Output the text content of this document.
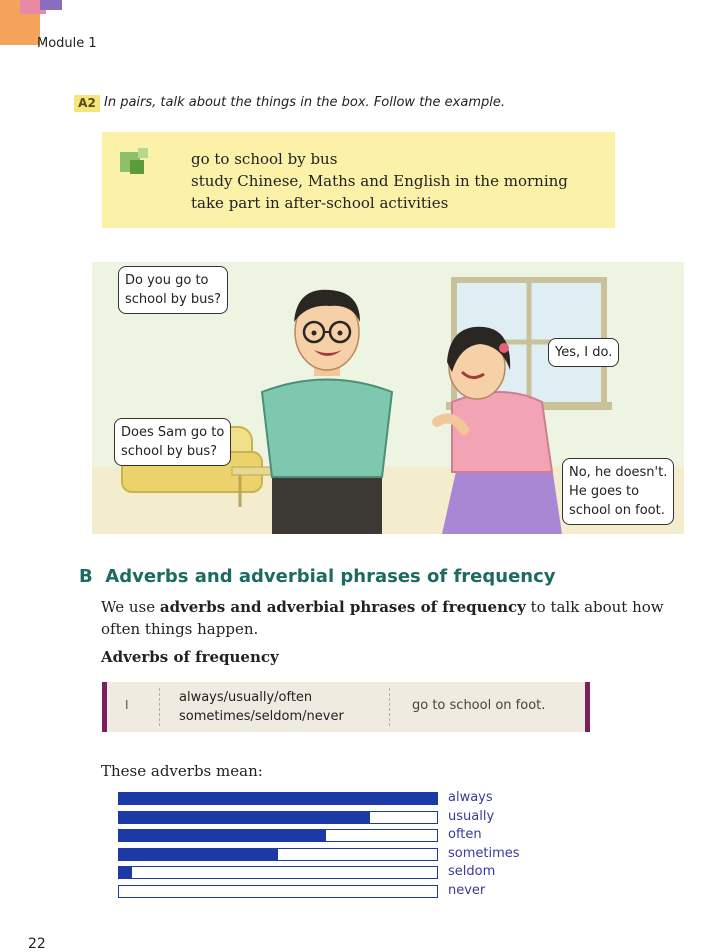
Module 1
A2 In pairs, talk about the things in the box. Follow the example.
go to school by bus
study Chinese, Maths and English in the morning
take part in after-school activities
Do you go to
school by bus?
Yes, I do.
Does Sam go to
school by bus?
No, he doesn't.
He goes to
school on foot.
B Adverbs and adverbial phrases of frequency
We use adverbs and adverbial phrases of frequency to talk about how often things happen.
Adverbs of frequency
I	always/usually/often
sometimes/seldom/never
go to school on foot.
These adverbs mean:
always
usually
often
sometimes
seldom
never
22
